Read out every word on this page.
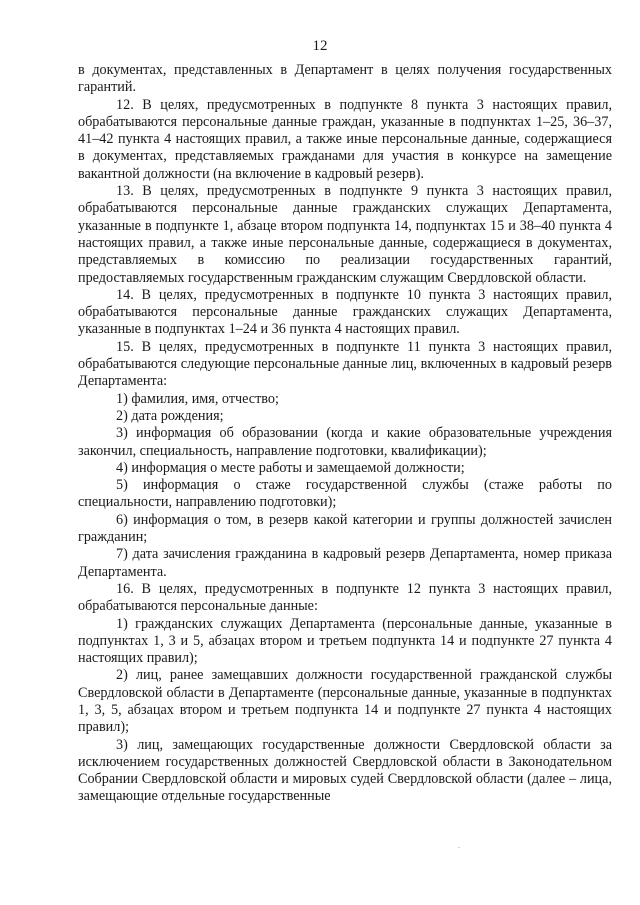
12

в документах, представленных в Департамент в целях получения государственных гарантий.

12. В целях, предусмотренных в подпункте 8 пункта 3 настоящих правил, обрабатываются персональные данные граждан, указанные в подпунктах 1–25, 36–37, 41–42 пункта 4 настоящих правил, а также иные персональные данные, содержащиеся в документах, представляемых гражданами для участия в конкурсе на замещение вакантной должности (на включение в кадровый резерв).

13. В целях, предусмотренных в подпункте 9 пункта 3 настоящих правил, обрабатываются персональные данные гражданских служащих Департамента, указанные в подпункте 1, абзаце втором подпункта 14, подпунктах 15 и 38–40 пункта 4 настоящих правил, а также иные персональные данные, содержащиеся в документах, представляемых в комиссию по реализации государственных гарантий, предоставляемых государственным гражданским служащим Свердловской области.

14. В целях, предусмотренных в подпункте 10 пункта 3 настоящих правил, обрабатываются персональные данные гражданских служащих Департамента, указанные в подпунктах 1–24 и 36 пункта 4 настоящих правил.

15. В целях, предусмотренных в подпункте 11 пункта 3 настоящих правил, обрабатываются следующие персональные данные лиц, включенных в кадровый резерв Департамента:

1) фамилия, имя, отчество;

2) дата рождения;

3) информация об образовании (когда и какие образовательные учреждения закончил, специальность, направление подготовки, квалификации);

4) информация о месте работы и замещаемой должности;

5) информация о стаже государственной службы (стаже работы по специальности, направлению подготовки);

6) информация о том, в резерв какой категории и группы должностей зачислен гражданин;

7) дата зачисления гражданина в кадровый резерв Департамента, номер приказа Департамента.

16. В целях, предусмотренных в подпункте 12 пункта 3 настоящих правил, обрабатываются персональные данные:

1) гражданских служащих Департамента (персональные данные, указанные в подпунктах 1, 3 и 5, абзацах втором и третьем подпункта 14 и подпункте 27 пункта 4 настоящих правил);

2) лиц, ранее замещавших должности государственной гражданской службы Свердловской области в Департаменте (персональные данные, указанные в подпунктах 1, 3, 5, абзацах втором и третьем подпункта 14 и подпункте 27 пункта 4 настоящих правил);

3) лиц, замещающих государственные должности Свердловской области за исключением государственных должностей Свердловской области в Законодательном Собрании Свердловской области и мировых судей Свердловской области (далее – лица, замещающие отдельные государственные
